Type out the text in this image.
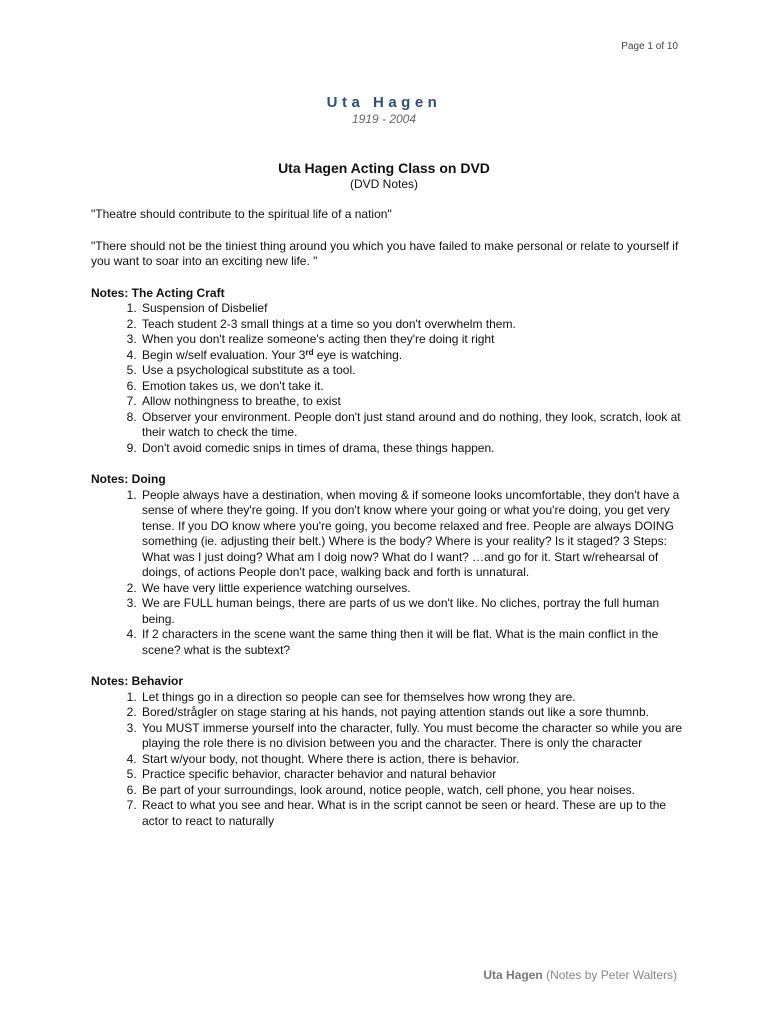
Page 1 of 10
Uta Hagen
1919 - 2004
Uta Hagen Acting Class on DVD
(DVD Notes)

"Theatre should contribute to the spiritual life of a nation"

"There should not be the tiniest thing around you which you have failed to make personal or relate to yourself if you want to soar into an exciting new life. "

Notes: The Acting Craft

1. Suspension of Disbelief
2. Teach student 2-3 small things at a time so you don't overwhelm them.
3. When you don't realize someone's acting then they're doing it right
4. Begin w/self evaluation. Your 3rd eye is watching.
5. Use a psychological substitute as a tool.
6. Emotion takes us, we don't take it.
7. Allow nothingness to breathe, to exist
8. Observer your environment. People don't just stand around and do nothing, they look, scratch, look at their watch to check the time.
9. Don't avoid comedic snips in times of drama, these things happen.

Notes: Doing

1. People always have a destination, when moving & if someone looks uncomfortable, they don't have a sense of where they're going. If you don't know where your going or what you're doing, you get very tense. If you DO know where you're going, you become relaxed and free. People are always DOING something (ie. adjusting their belt.) Where is the body? Where is your reality? Is it staged? 3 Steps: What was I just doing? What am I doig now? What do I want? …and go for it. Start w/rehearsal of doings, of actions People don't pace, walking back and forth is unnatural.
2. We have very little experience watching ourselves.
3. We are FULL human beings, there are parts of us we don't like. No cliches, portray the full human being.
4. If 2 characters in the scene want the same thing then it will be flat. What is the main conflict in the scene? what is the subtext?

Notes: Behavior

1. Let things go in a direction so people can see for themselves how wrong they are.
2. Bored/strågler on stage staring at his hands, not paying attention stands out like a sore thumnb.
3. You MUST immerse yourself into the character, fully. You must become the character so while you are playing the role there is no division between you and the character. There is only the character
4. Start w/your body, not thought. Where there is action, there is behavior.
5. Practice specific behavior, character behavior and natural behavior
6. Be part of your surroundings, look around, notice people, watch, cell phone, you hear noises.
7. React to what you see and hear. What is in the script cannot be seen or heard. These are up to the actor to react to naturally
Uta Hagen (Notes by Peter Walters)
